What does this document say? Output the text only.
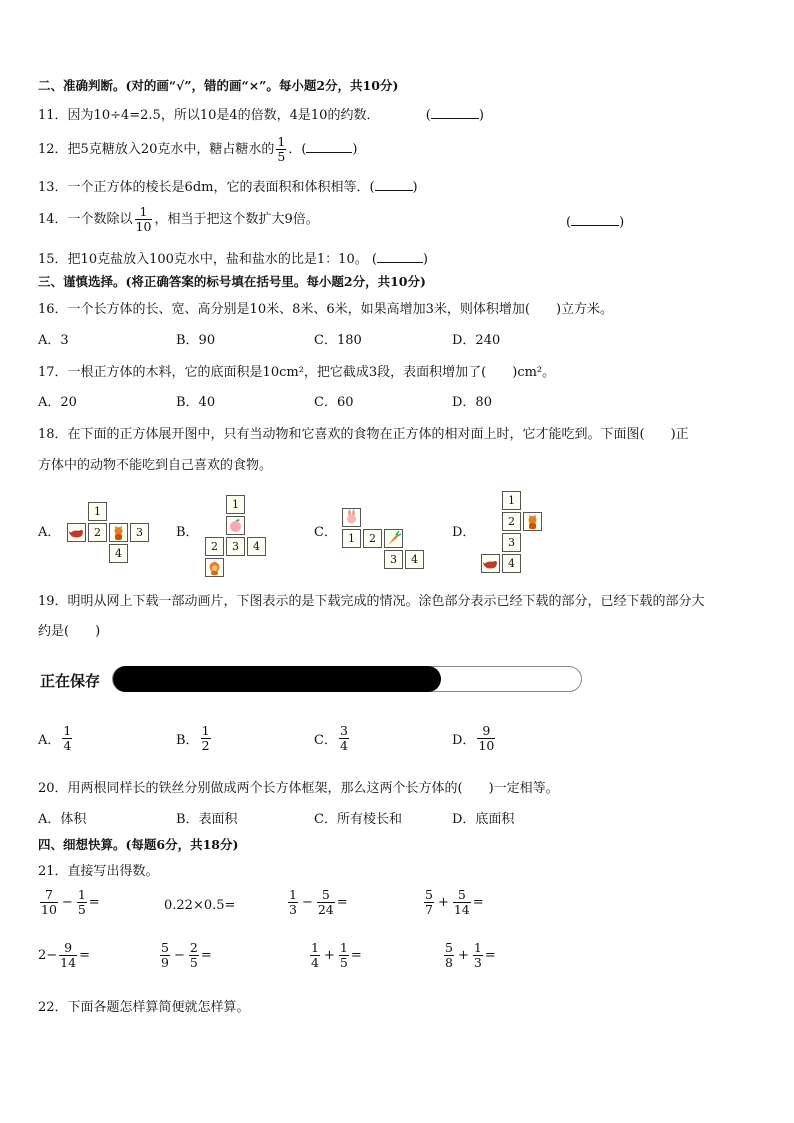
二、准确判断。(对的画“√”，错的画“×”。每小题2分，共10分)
11．因为10÷4=2.5，所以10是4的倍数，4是10的约数．	(	)
12．把5克糖放入20克水中，糖占糖水的 $\frac{1}{5}$ ．(	)
13．一个正方体的棱长是6dm，它的表面积和体积相等．(	)
14．一个数除以 $\frac{1}{10}$ ，相当于把这个数扩大9倍。	(	)
15．把10克盐放入100克水中，盐和盐水的比是1：10。 (	)
三、谨慎选择。(将正确答案的标号填在括号里。每小题2分，共10分)
16．一个长方体的长、宽、高分别是10米、8米、6米，如果高增加3米，则体积增加(　　)立方米。
A．3	B．90	C．180	D．240
17．一根正方体的木料，它的底面积是10cm²，把它截成3段，表面积增加了(　　)cm²。
A．20	B．40	C．60	D．80
18．在下面的正方体展开图中，只有当动物和它喜欢的食物在正方体的相对面上时，它才能吃到。下面图(　　)正
方体中的动物不能吃到自己喜欢的食物。
A．	B．	C．	D．
1
2	3
4
1
2	3	4
1	2
3	4
1
2
3
4
19．明明从网上下载一部动画片，下图表示的是下载完成的情况。涂色部分表示已经下载的部分，已经下载的部分大
约是(　　)
正在保存
A． $\frac{1}{4}$	B． $\frac{1}{2}$	C． $\frac{3}{4}$	D． $\frac{9}{10}$
20．用两根同样长的铁丝分别做成两个长方体框架，那么这两个长方体的(　　)一定相等。
A．体积	B．表面积	C．所有棱长和	D．底面积
四、细想快算。(每题6分，共18分)
21．直接写出得数。
$\frac{7}{10} - \frac{1}{5}$ =	0.22×0.5=	$\frac{1}{3} - \frac{5}{24}$ =	$\frac{5}{7} + \frac{5}{14}$ =
$2- \frac{9}{14}$ =	$\frac{5}{9} - \frac{2}{5}$ =	$\frac{1}{4} + \frac{1}{5}$ =	$\frac{5}{8} + \frac{1}{3}$ =
22．下面各题怎样算简便就怎样算。
